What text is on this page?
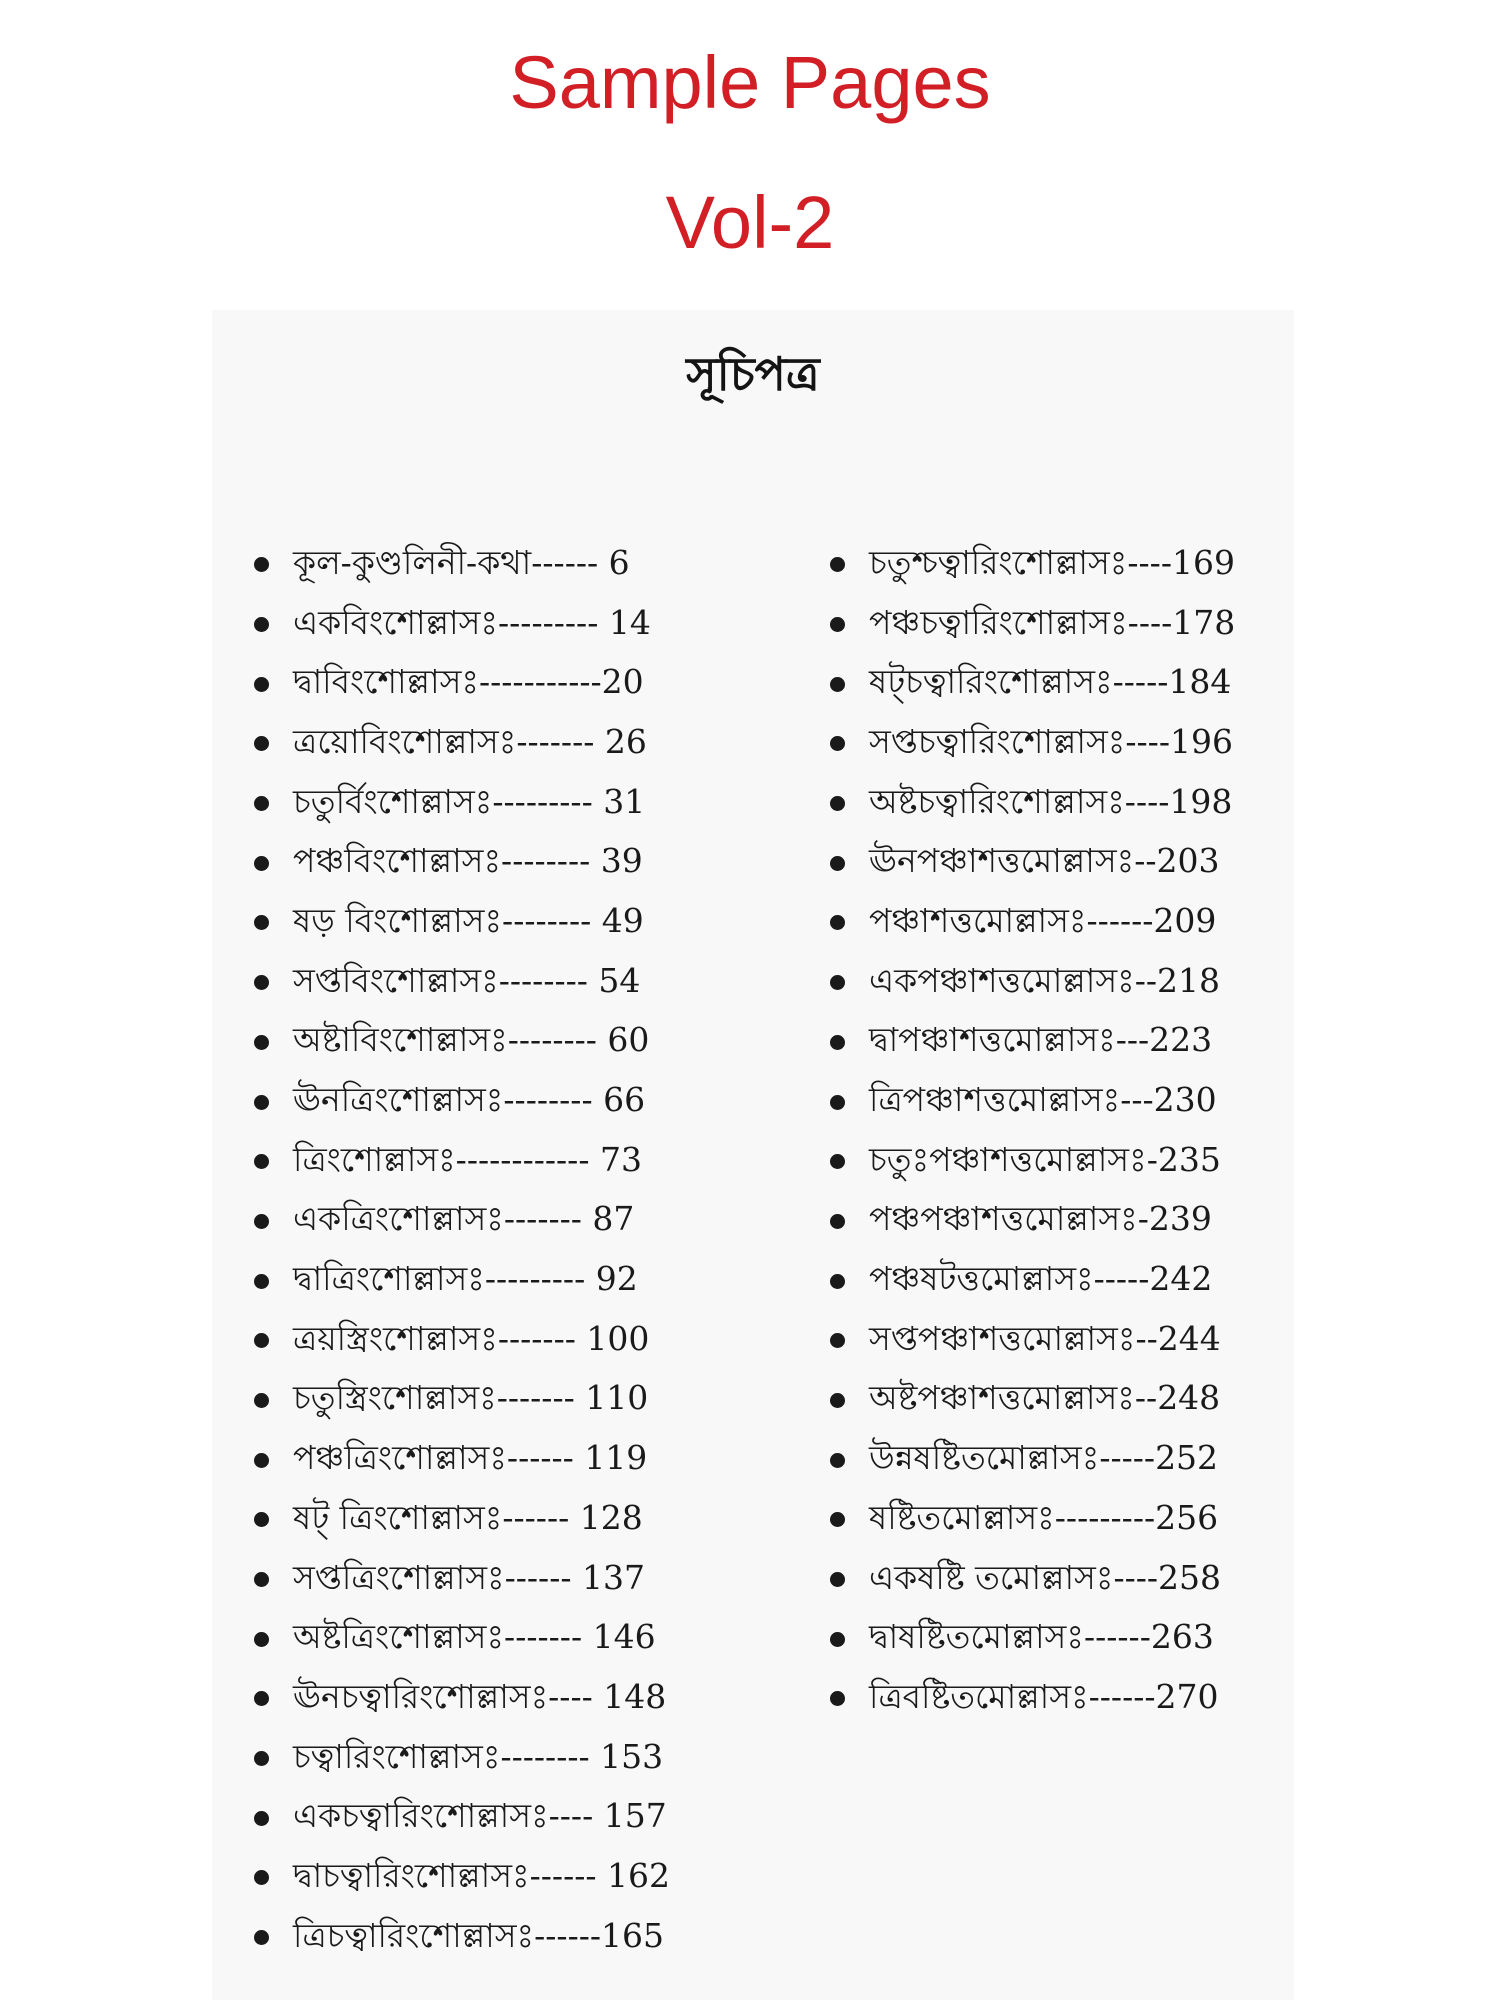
Sample Pages
Vol-2
সূচিপত্র
কূল-কুণ্ডলিনী-কথা------ 6
একবিংশোল্লাসঃ--------- 14
দ্বাবিংশোল্লাসঃ-----------20
ত্রয়োবিংশোল্লাসঃ------- 26
চতুর্বিংশোল্লাসঃ--------- 31
পঞ্চবিংশোল্লাসঃ-------- 39
ষড় বিংশোল্লাসঃ-------- 49
সপ্তবিংশোল্লাসঃ-------- 54
অষ্টাবিংশোল্লাসঃ-------- 60
ঊনত্রিংশোল্লাসঃ-------- 66
ত্রিংশোল্লাসঃ------------ 73
একত্রিংশোল্লাসঃ------- 87
দ্বাত্রিংশোল্লাসঃ--------- 92
ত্রয়স্ত্রিংশোল্লাসঃ------- 100
চতুস্ত্রিংশোল্লাসঃ------- 110
পঞ্চত্রিংশোল্লাসঃ------ 119
ষট্ ত্রিংশোল্লাসঃ------ 128
সপ্তত্রিংশোল্লাসঃ------ 137
অষ্টত্রিংশোল্লাসঃ------- 146
ঊনচত্বারিংশোল্লাসঃ---- 148
চত্বারিংশোল্লাসঃ-------- 153
একচত্বারিংশোল্লাসঃ---- 157
দ্বাচত্বারিংশোল্লাসঃ------ 162
ত্রিচত্বারিংশোল্লাসঃ------165
চতুশ্চত্বারিংশোল্লাসঃ----169
পঞ্চচত্বারিংশোল্লাসঃ----178
ষট্চত্বারিংশোল্লাসঃ-----184
সপ্তচত্বারিংশোল্লাসঃ----196
অষ্টচত্বারিংশোল্লাসঃ----198
ঊনপঞ্চাশত্তমোল্লাসঃ--203
পঞ্চাশত্তমোল্লাসঃ------209
একপঞ্চাশত্তমোল্লাসঃ--218
দ্বাপঞ্চাশত্তমোল্লাসঃ---223
ত্রিপঞ্চাশত্তমোল্লাসঃ---230
চতুঃপঞ্চাশত্তমোল্লাসঃ-235
পঞ্চপঞ্চাশত্তমোল্লাসঃ-239
পঞ্চষটত্তমোল্লাসঃ-----242
সপ্তপঞ্চাশত্তমোল্লাসঃ--244
অষ্টপঞ্চাশত্তমোল্লাসঃ--248
উন্নষষ্টিতমোল্লাসঃ-----252
ষষ্টিতমোল্লাসঃ---------256
একষষ্টি তমোল্লাসঃ----258
দ্বাষষ্টিতমোল্লাসঃ------263
ত্রিবষ্টিতমোল্লাসঃ------270
